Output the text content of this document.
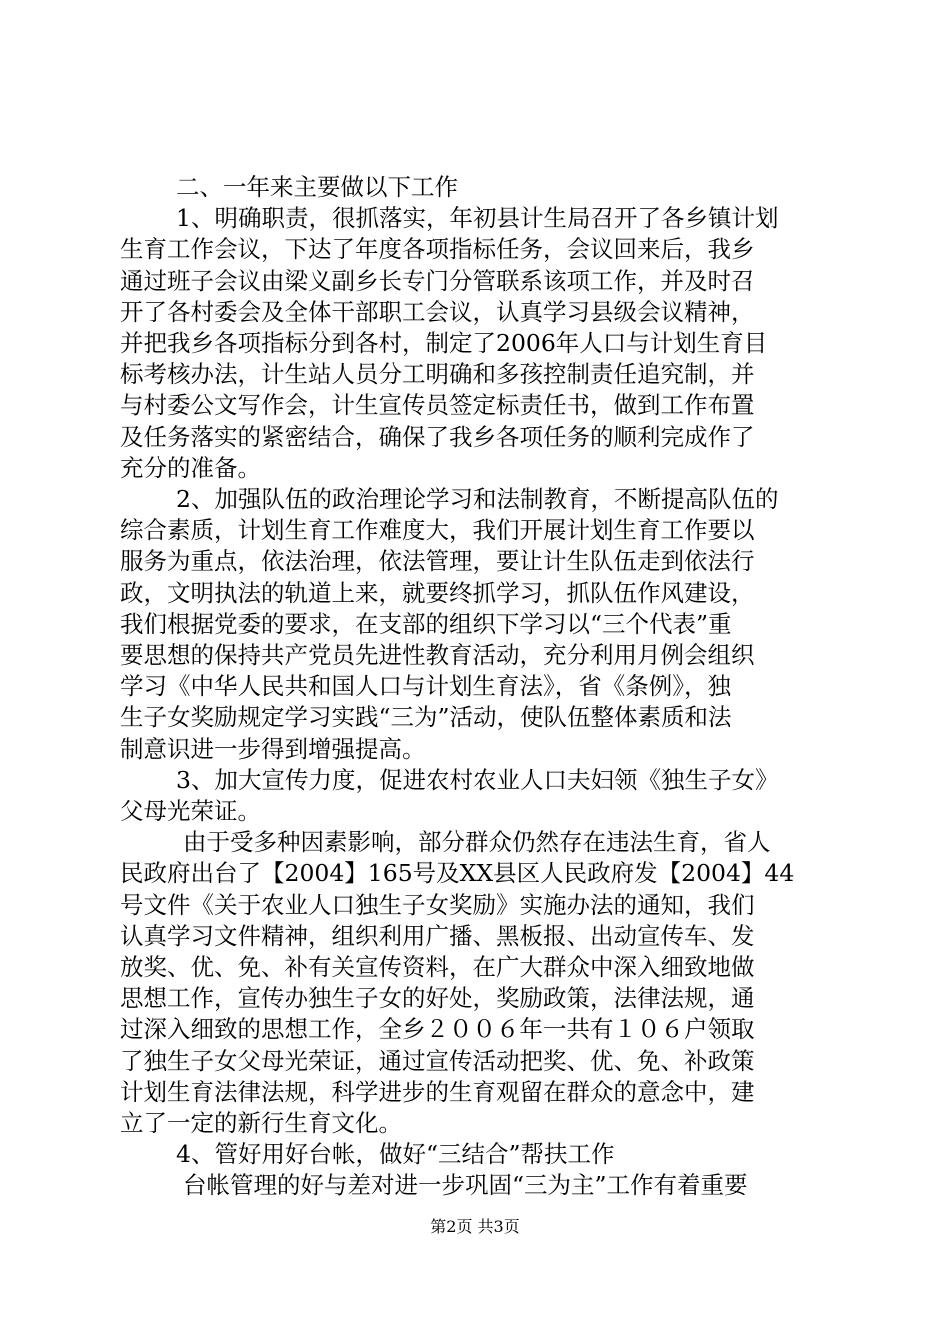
二、一年来主要做以下工作
1、明确职责，很抓落实，年初县计生局召开了各乡镇计划
生育工作会议，下达了年度各项指标任务，会议回来后，我乡
通过班子会议由梁义副乡长专门分管联系该项工作，并及时召
开了各村委会及全体干部职工会议，认真学习县级会议精神，
并把我乡各项指标分到各村，制定了2006年人口与计划生育目
标考核办法，计生站人员分工明确和多孩控制责任追究制，并
与村委公文写作会，计生宣传员签定标责任书，做到工作布置
及任务落实的紧密结合，确保了我乡各项任务的顺利完成作了
充分的准备。
2、加强队伍的政治理论学习和法制教育，不断提高队伍的
综合素质，计划生育工作难度大，我们开展计划生育工作要以
服务为重点，依法治理，依法管理，要让计生队伍走到依法行
政，文明执法的轨道上来，就要终抓学习，抓队伍作风建设，
我们根据党委的要求，在支部的组织下学习以“三个代表”重
要思想的保持共产党员先进性教育活动，充分利用月例会组织
学习《中华人民共和国人口与计划生育法》，省《条例》，独
生子女奖励规定学习实践“三为”活动，使队伍整体素质和法
制意识进一步得到增强提高。
3、加大宣传力度，促进农村农业人口夫妇领《独生子女》
父母光荣证。
由于受多种因素影响，部分群众仍然存在违法生育，省人
民政府出台了【2004】165号及XX县区人民政府发【2004】44
号文件《关于农业人口独生子女奖励》实施办法的通知，我们
认真学习文件精神，组织利用广播、黑板报、出动宣传车、发
放奖、优、免、补有关宣传资料，在广大群众中深入细致地做
思想工作，宣传办独生子女的好处，奖励政策，法律法规，通
过深入细致的思想工作，全乡２００６年一共有１０６户领取
了独生子女父母光荣证，通过宣传活动把奖、优、免、补政策
计划生育法律法规，科学进步的生育观留在群众的意念中，建
立了一定的新行生育文化。
4、管好用好台帐，做好“三结合”帮扶工作
台帐管理的好与差对进一步巩固“三为主”工作有着重要
第2页 共3页
